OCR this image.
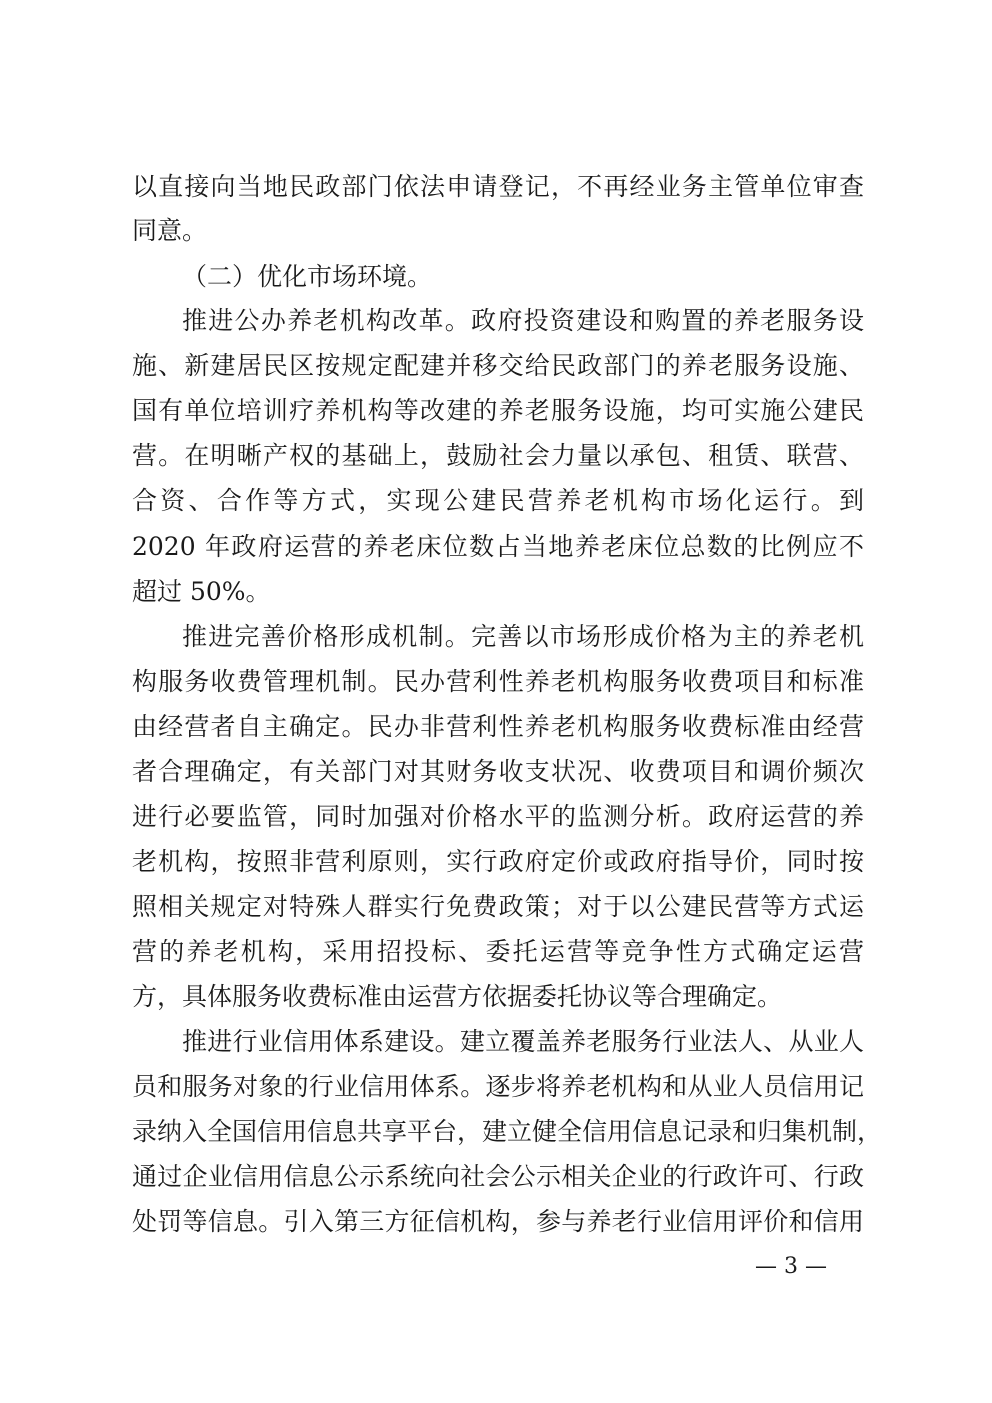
以直接向当地民政部门依法申请登记，不再经业务主管单位审查
同意。
（二）优化市场环境。
推进公办养老机构改革。政府投资建设和购置的养老服务设
施、新建居民区按规定配建并移交给民政部门的养老服务设施、
国有单位培训疗养机构等改建的养老服务设施，均可实施公建民
营。在明晰产权的基础上，鼓励社会力量以承包、租赁、联营、
合资、合作等方式，实现公建民营养老机构市场化运行。到
2020 年政府运营的养老床位数占当地养老床位总数的比例应不
超过 50%。
推进完善价格形成机制。完善以市场形成价格为主的养老机
构服务收费管理机制。民办营利性养老机构服务收费项目和标准
由经营者自主确定。民办非营利性养老机构服务收费标准由经营
者合理确定，有关部门对其财务收支状况、收费项目和调价频次
进行必要监管，同时加强对价格水平的监测分析。政府运营的养
老机构，按照非营利原则，实行政府定价或政府指导价，同时按
照相关规定对特殊人群实行免费政策；对于以公建民营等方式运
营的养老机构，采用招投标、委托运营等竞争性方式确定运营
方，具体服务收费标准由运营方依据委托协议等合理确定。
推进行业信用体系建设。建立覆盖养老服务行业法人、从业人
员和服务对象的行业信用体系。逐步将养老机构和从业人员信用记
录纳入全国信用信息共享平台，建立健全信用信息记录和归集机制，
通过企业信用信息公示系统向社会公示相关企业的行政许可、行政
处罚等信息。引入第三方征信机构，参与养老行业信用评价和信用
— 3 —
